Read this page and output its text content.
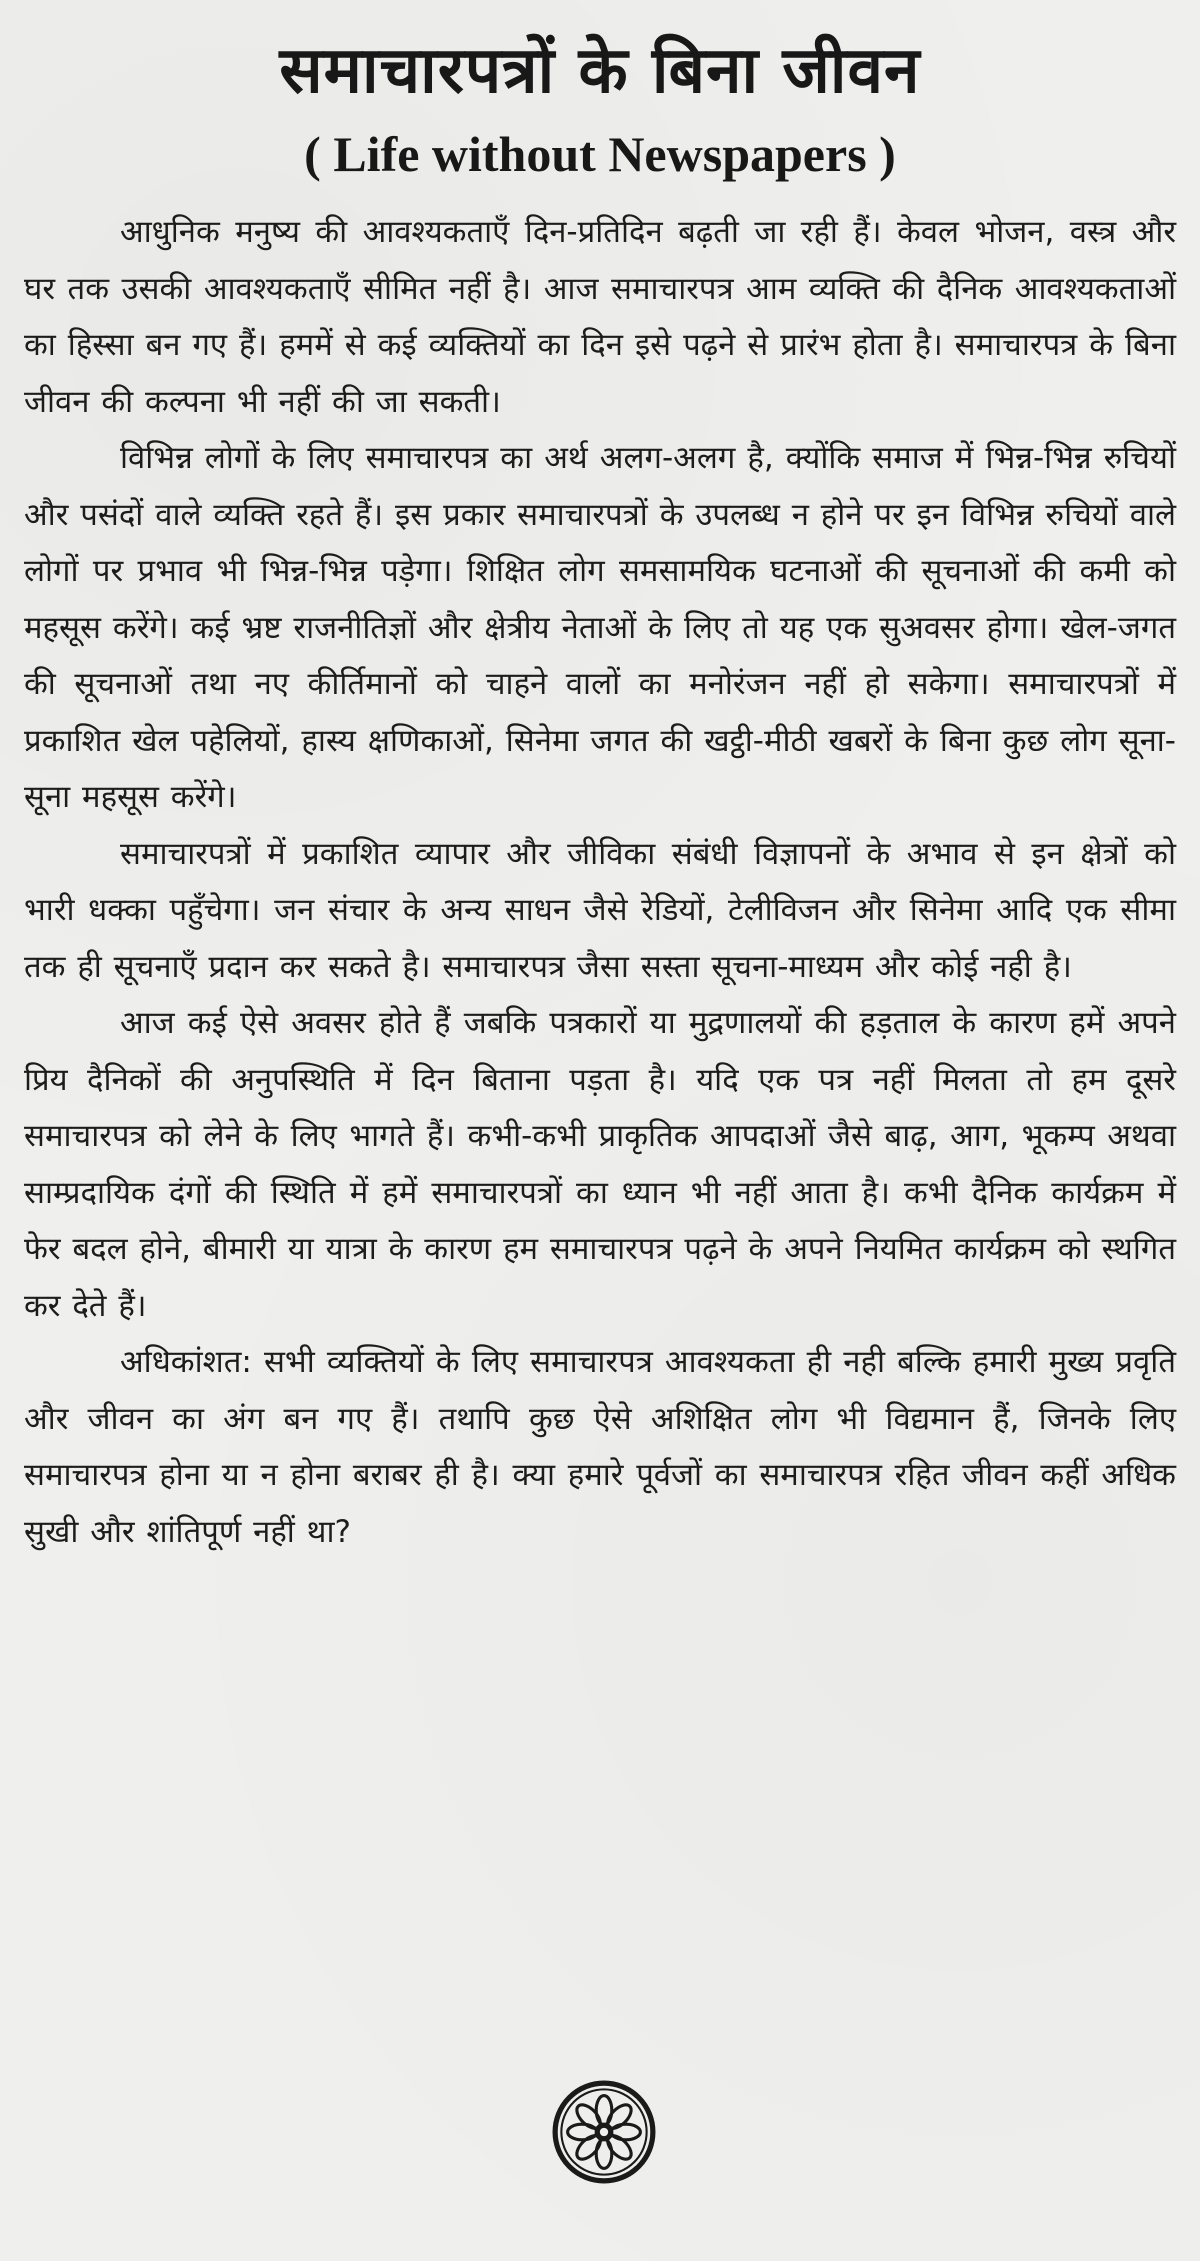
समाचारपत्रों के बिना जीवन
( Life without Newspapers )

आधुनिक मनुष्य की आवश्यकताएँ दिन-प्रतिदिन बढ़ती जा रही हैं। केवल भोजन, वस्त्र और घर तक उसकी आवश्यकताएँ सीमित नहीं है। आज समाचारपत्र आम व्यक्ति की दैनिक आवश्यकताओं का हिस्सा बन गए हैं। हममें से कई व्यक्तियों का दिन इसे पढ़ने से प्रारंभ होता है। समाचारपत्र के बिना जीवन की कल्पना भी नहीं की जा सकती।

विभिन्न लोगों के लिए समाचारपत्र का अर्थ अलग-अलग है, क्योंकि समाज में भिन्न-भिन्न रुचियों और पसंदों वाले व्यक्ति रहते हैं। इस प्रकार समाचारपत्रों के उपलब्ध न होने पर इन विभिन्न रुचियों वाले लोगों पर प्रभाव भी भिन्न-भिन्न पड़ेगा। शिक्षित लोग समसामयिक घटनाओं की सूचनाओं की कमी को महसूस करेंगे। कई भ्रष्ट राजनीतिज्ञों और क्षेत्रीय नेताओं के लिए तो यह एक सुअवसर होगा। खेल-जगत की सूचनाओं तथा नए कीर्तिमानों को चाहने वालों का मनोरंजन नहीं हो सकेगा। समाचारपत्रों में प्रकाशित खेल पहेलियों, हास्य क्षणिकाओं, सिनेमा जगत की खट्ठी-मीठी खबरों के बिना कुछ लोग सूना-सूना महसूस करेंगे।

समाचारपत्रों में प्रकाशित व्यापार और जीविका संबंधी विज्ञापनों के अभाव से इन क्षेत्रों को भारी धक्का पहुँचेगा। जन संचार के अन्य साधन जैसे रेडियों, टेलीविजन और सिनेमा आदि एक सीमा तक ही सूचनाएँ प्रदान कर सकते है। समाचारपत्र जैसा सस्ता सूचना-माध्यम और कोई नही है।

आज कई ऐसे अवसर होते हैं जबकि पत्रकारों या मुद्रणालयों की हड़ताल के कारण हमें अपने प्रिय दैनिकों की अनुपस्थिति में दिन बिताना पड़ता है। यदि एक पत्र नहीं मिलता तो हम दूसरे समाचारपत्र को लेने के लिए भागते हैं। कभी-कभी प्राकृतिक आपदाओं जैसे बाढ़, आग, भूकम्प अथवा साम्प्रदायिक दंगों की स्थिति में हमें समाचारपत्रों का ध्यान भी नहीं आता है। कभी दैनिक कार्यक्रम में फेर बदल होने, बीमारी या यात्रा के कारण हम समाचारपत्र पढ़ने के अपने नियमित कार्यक्रम को स्थगित कर देते हैं।

अधिकांशत: सभी व्यक्तियों के लिए समाचारपत्र आवश्यकता ही नही बल्कि हमारी मुख्य प्रवृति और जीवन का अंग बन गए हैं। तथापि कुछ ऐसे अशिक्षित लोग भी विद्यमान हैं, जिनके लिए समाचारपत्र होना या न होना बराबर ही है। क्या हमारे पूर्वजों का समाचारपत्र रहित जीवन कहीं अधिक सुखी और शांतिपूर्ण नहीं था?
